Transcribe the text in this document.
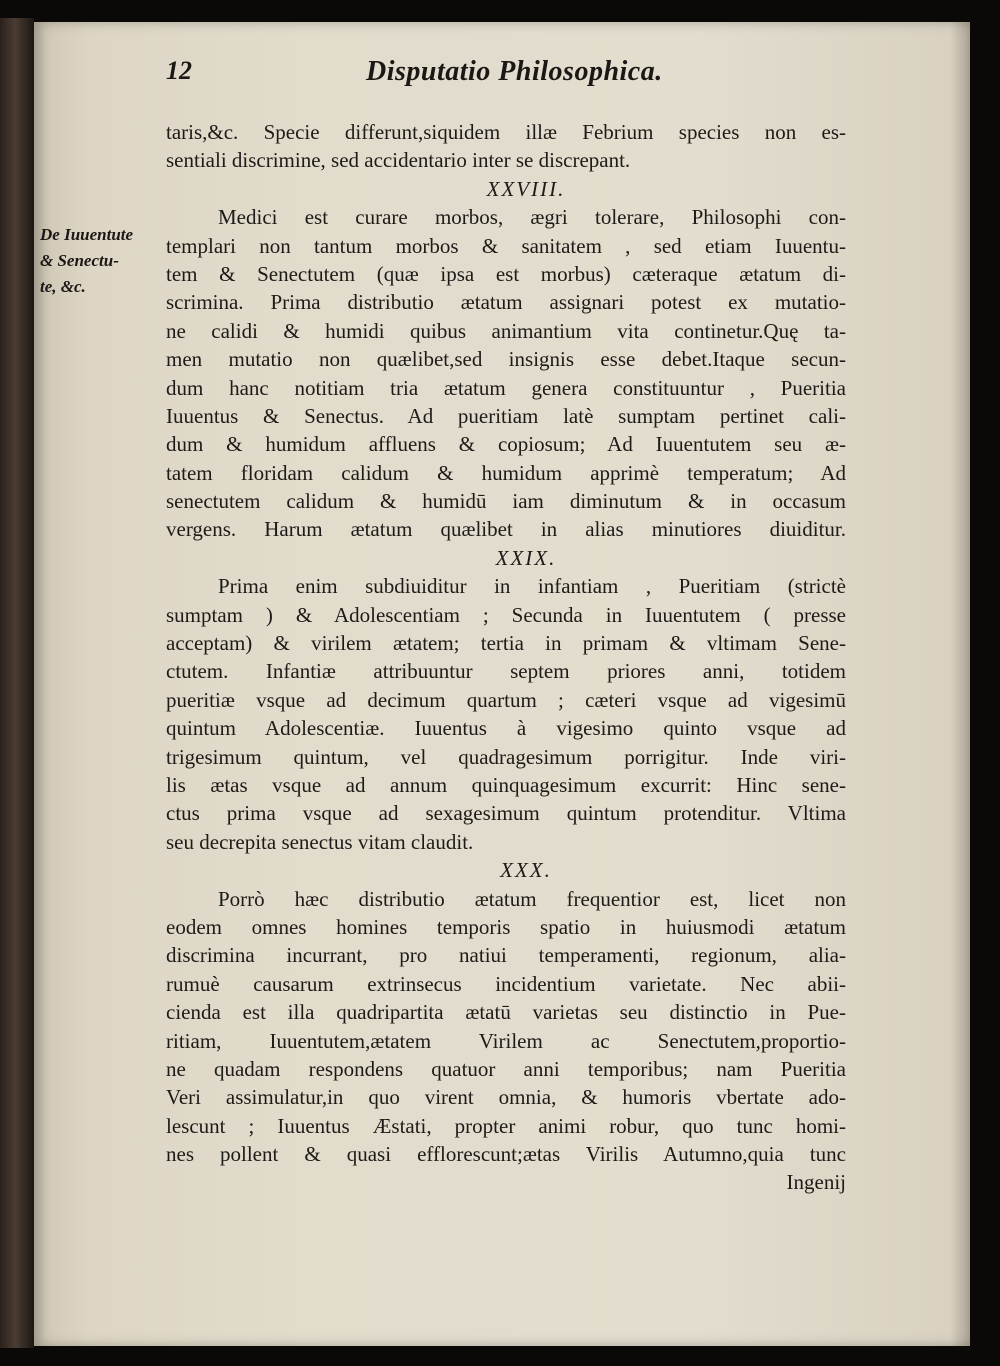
12	Disputatio Philosophica.
De Iuuentute
& Senectu-
te, &c.
taris,&c. Specie differunt,siquidem illæ Febrium species non es-
sentiali discrimine, sed accidentario inter se discrepant.
XXVIII.
Medici est curare morbos, ægri tolerare, Philosophi con-
templari non tantum morbos & sanitatem , sed etiam Iuuentu-
tem & Senectutem (quæ ipsa est morbus) cæteraque ætatum di-
scrimina. Prima distributio ætatum assignari potest ex mutatio-
ne calidi & humidi quibus animantium vita continetur.Quę ta-
men mutatio non quælibet,sed insignis esse debet.Itaque secun-
dum hanc notitiam tria ætatum genera constituuntur , Pueritia
Iuuentus & Senectus. Ad pueritiam latè sumptam pertinet cali-
dum & humidum affluens & copiosum; Ad Iuuentutem seu æ-
tatem floridam calidum & humidum apprimè temperatum; Ad
senectutem calidum & humidū iam diminutum & in occasum
vergens. Harum ætatum quælibet in alias minutiores diuiditur.
XXIX.
Prima enim subdiuiditur in infantiam , Pueritiam (strictè
sumptam ) & Adolescentiam ; Secunda in Iuuentutem ( presse
acceptam) & virilem ætatem; tertia in primam & vltimam Sene-
ctutem. Infantiæ attribuuntur septem priores anni, totidem
pueritiæ vsque ad decimum quartum ; cæteri vsque ad vigesimū
quintum Adolescentiæ. Iuuentus à vigesimo quinto vsque ad
trigesimum quintum, vel quadragesimum porrigitur. Inde viri-
lis ætas vsque ad annum quinquagesimum excurrit: Hinc sene-
ctus prima vsque ad sexagesimum quintum protenditur. Vltima
seu decrepita senectus vitam claudit.
XXX.
Porrò hæc distributio ætatum frequentior est, licet non
eodem omnes homines temporis spatio in huiusmodi ætatum
discrimina incurrant, pro natiui temperamenti, regionum, alia-
rumuè causarum extrinsecus incidentium varietate. Nec abii-
cienda est illa quadripartita ætatū varietas seu distinctio in Pue-
ritiam, Iuuentutem,ætatem Virilem ac Senectutem,proportio-
ne quadam respondens quatuor anni temporibus; nam Pueritia
Veri assimulatur,in quo virent omnia, & humoris vbertate ado-
lescunt ; Iuuentus Æstati, propter animi robur, quo tunc homi-
nes pollent & quasi efflorescunt;ætas Virilis Autumno,quia tunc
Ingenij
